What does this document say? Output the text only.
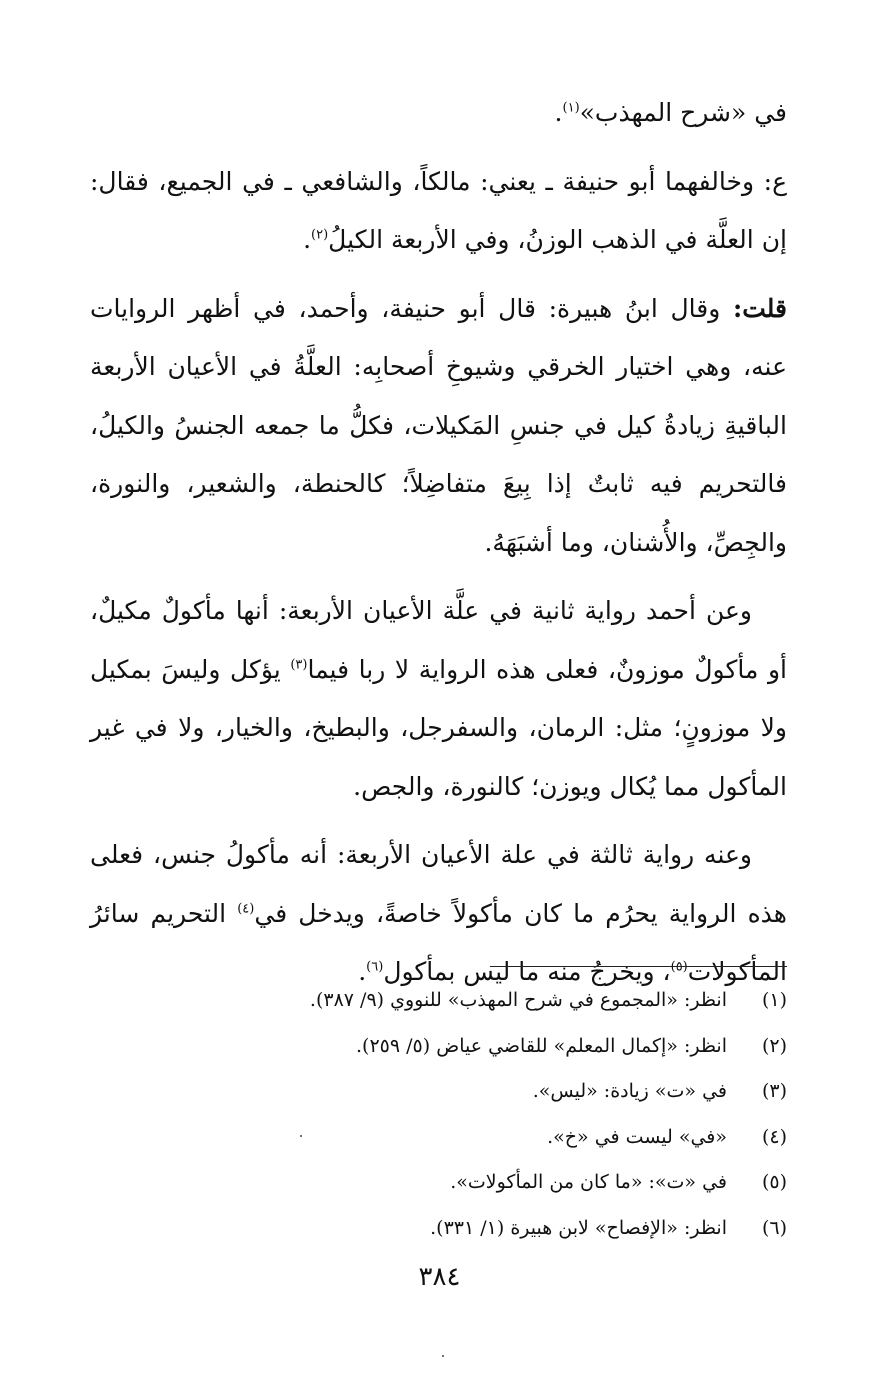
في «شرح المهذب»$^{(١)}$.

ع: وخالفهما أبو حنيفة ـ يعني: مالكاً، والشافعي ـ في الجميع، فقال: إن العلَّة في الذهب الوزنُ، وفي الأربعة الكيلُ$^{(٢)}$.

قلت: وقال ابنُ هبيرة: قال أبو حنيفة، وأحمد، في أظهر الروايات عنه، وهي اختيار الخرقي وشيوخِ أصحابِه: العلَّةُ في الأعيان الأربعة الباقيةِ زيادةُ كيل في جنسِ المَكيلات، فكلُّ ما جمعه الجنسُ والكيلُ، فالتحريم فيه ثابتٌ إذا بِيعَ متفاضِلاً؛ كالحنطة، والشعير، والنورة، والجِصِّ، والأُشنان، وما أشبَهَهُ.

وعن أحمد رواية ثانية في علَّة الأعيان الأربعة: أنها مأكولٌ مكيلٌ، أو مأكولٌ موزونٌ، فعلى هذه الرواية لا ربا فيما$^{(٣)}$ يؤكل وليسَ بمكيل ولا موزونٍ؛ مثل: الرمان، والسفرجل، والبطيخ، والخيار، ولا في غير المأكول مما يُكال ويوزن؛ كالنورة، والجص.

وعنه رواية ثالثة في علة الأعيان الأربعة: أنه مأكولُ جنس، فعلى هذه الرواية يحرُم ما كان مأكولاً خاصةً، ويدخل في$^{(٤)}$ التحريم سائرُ المأكولات$^{(٥)}$، ويخرجُ منه ما ليس بمأكول$^{(٦)}$.

(١)
انظر: «المجموع في شرح المهذب» للنووي (٩/ ٣٨٧).
(٢)
انظر: «إكمال المعلم» للقاضي عياض (٥/ ٢٥٩).
(٣)
في «ت» زيادة: «ليس».
(٤)
«في» ليست في «خ».
(٥)
في «ت»: «ما كان من المأكولات».
(٦)
انظر: «الإفصاح» لابن هبيرة (١/ ٣٣١).
٣٨٤
